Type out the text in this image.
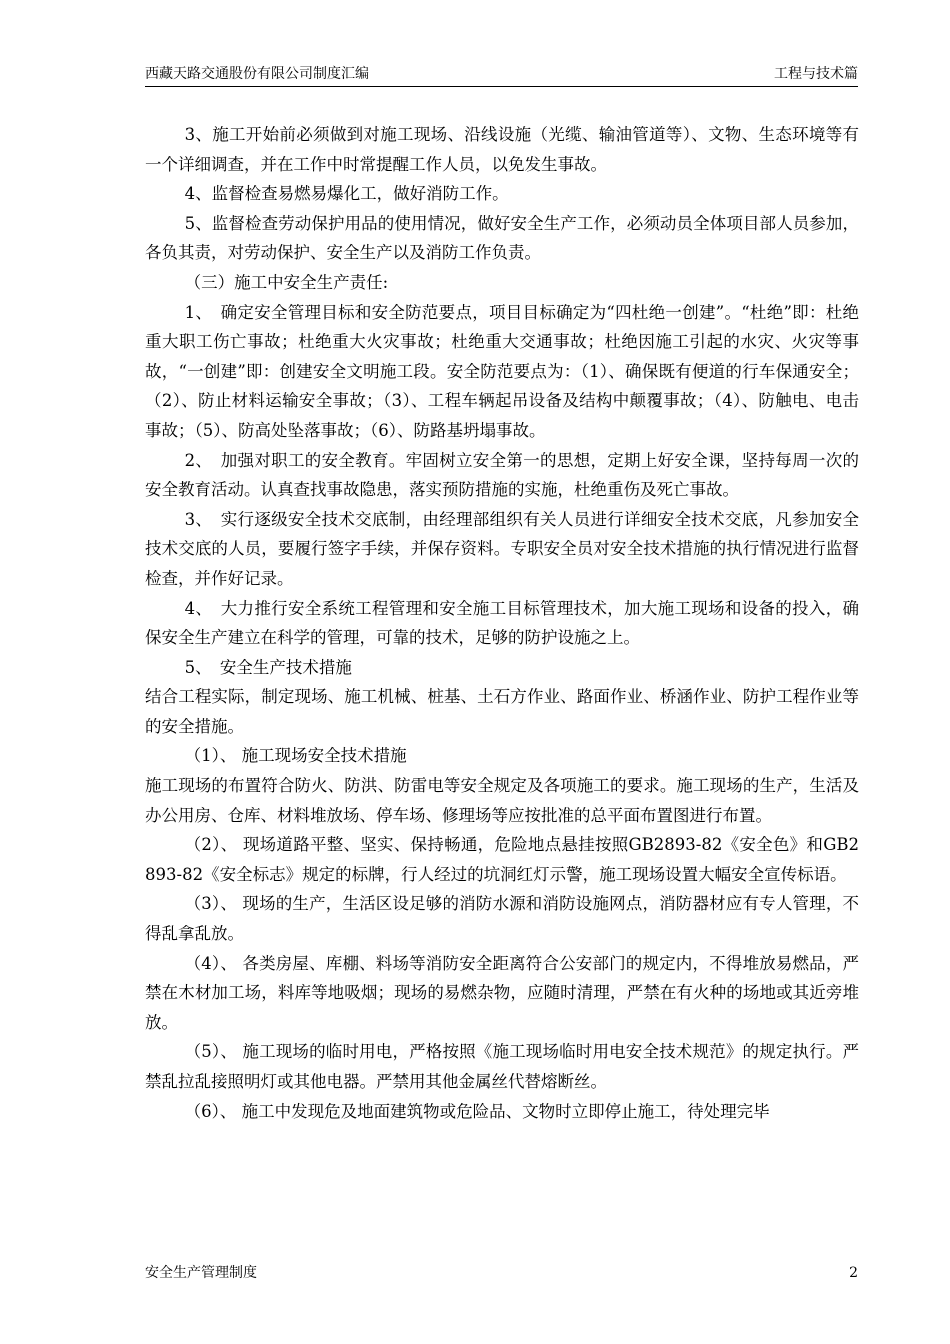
西藏天路交通股份有限公司制度汇编	工程与技术篇

3、施工开始前必须做到对施工现场、沿线设施（光缆、输油管道等）、文物、生态环境等有一个详细调查，并在工作中时常提醒工作人员，以免发生事故。

4、监督检查易燃易爆化工，做好消防工作。

5、监督检查劳动保护用品的使用情况，做好安全生产工作，必须动员全体项目部人员参加，各负其责，对劳动保护、安全生产以及消防工作负责。

（三）施工中安全生产责任:

1、　确定安全管理目标和安全防范要点，项目目标确定为“四杜绝一创建”。“杜绝”即：杜绝重大职工伤亡事故；杜绝重大火灾事故；杜绝重大交通事故；杜绝因施工引起的水灾、火灾等事故，“一创建”即：创建安全文明施工段。安全防范要点为：（1）、确保既有便道的行车保通安全；（2）、防止材料运输安全事故；（3）、工程车辆起吊设备及结构中颠覆事故；（4）、防触电、电击事故；（5）、防高处坠落事故；（6）、防路基坍塌事故。

2、　加强对职工的安全教育。牢固树立安全第一的思想，定期上好安全课，坚持每周一次的安全教育活动。认真查找事故隐患，落实预防措施的实施，杜绝重伤及死亡事故。

3、　实行逐级安全技术交底制，由经理部组织有关人员进行详细安全技术交底，凡参加安全技术交底的人员，要履行签字手续，并保存资料。专职安全员对安全技术措施的执行情况进行监督检查，并作好记录。

4、　大力推行安全系统工程管理和安全施工目标管理技术，加大施工现场和设备的投入，确保安全生产建立在科学的管理，可靠的技术，足够的防护设施之上。

5、　安全生产技术措施

结合工程实际，制定现场、施工机械、桩基、土石方作业、路面作业、桥涵作业、防护工程作业等的安全措施。

（1）、 施工现场安全技术措施

施工现场的布置符合防火、防洪、防雷电等安全规定及各项施工的要求。施工现场的生产，生活及办公用房、仓库、材料堆放场、停车场、修理场等应按批准的总平面布置图进行布置。

（2）、 现场道路平整、坚实、保持畅通，危险地点悬挂按照GB2893-82《安全色》和GB2893-82《安全标志》规定的标牌，行人经过的坑洞红灯示警，施工现场设置大幅安全宣传标语。

（3）、 现场的生产，生活区设足够的消防水源和消防设施网点，消防器材应有专人管理，不得乱拿乱放。

（4）、 各类房屋、库棚、料场等消防安全距离符合公安部门的规定内，不得堆放易燃品，严禁在木材加工场，料库等地吸烟；现场的易燃杂物，应随时清理，严禁在有火种的场地或其近旁堆放。

（5）、 施工现场的临时用电，严格按照《施工现场临时用电安全技术规范》的规定执行。严禁乱拉乱接照明灯或其他电器。严禁用其他金属丝代替熔断丝。

（6）、 施工中发现危及地面建筑物或危险品、文物时立即停止施工，待处理完毕

安全生产管理制度	2
